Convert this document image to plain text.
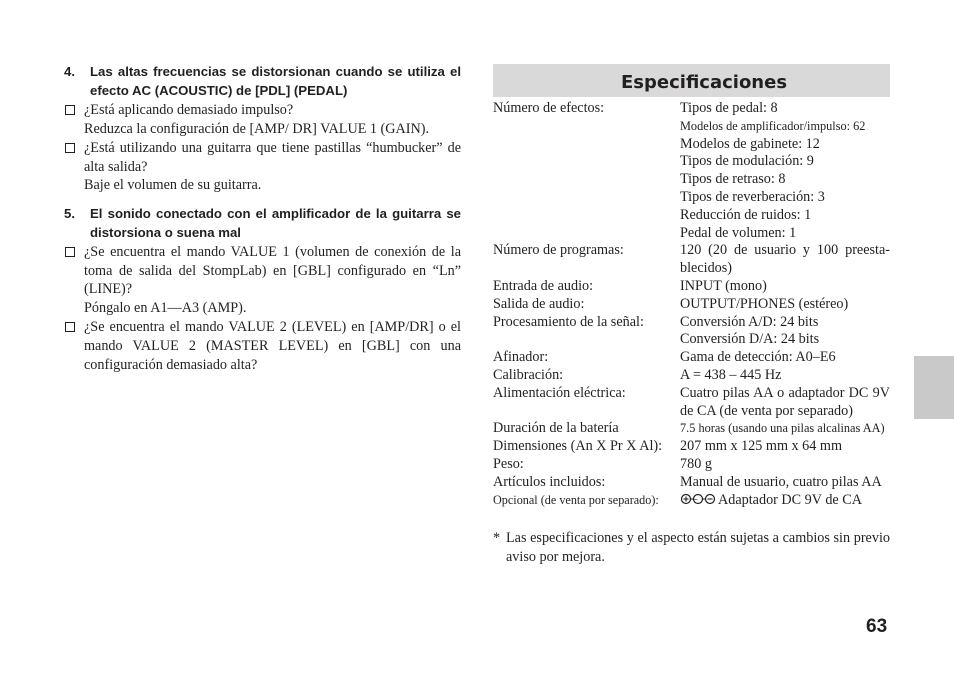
4.	Las altas frecuencias se distorsionan cuando se utiliza el efecto AC (ACOUSTIC) de [PDL] (PEDAL)
¿Está aplicando demasiado impulso?
Reduzca la configuración de [AMP/ DR] VALUE 1 (GAIN).
¿Está utilizando una guitarra que tiene pastillas “humbucker” de alta salida?
Baje el volumen de su guitarra.
5.	El sonido conectado con el amplificador de la guitarra se distorsiona o suena mal
¿Se encuentra el mando VALUE 1 (volumen de conexión de la toma de salida del StompLab) en [GBL] configurado en “Ln” (LINE)?
Póngalo en A1—A3 (AMP).
¿Se encuentra el mando VALUE 2 (LEVEL) en [AMP/DR] o el mando VALUE 2 (MASTER LEVEL) en [GBL] con una configuración demasiado alta?
Especificaciones
Número de efectos:	Tipos de pedal: 8
Modelos de amplificador/impulso: 62
Modelos de gabinete: 12
Tipos de modulación: 9
Tipos de retraso: 8
Tipos de reverberación: 3
Reducción de ruidos: 1
Pedal de volumen: 1
Número de programas:	120 (20 de usuario y 100 preesta- blecidos)
Entrada de audio:	INPUT (mono)
Salida de audio:	OUTPUT/PHONES (estéreo)
Procesamiento de la señal:	Conversión A/D: 24 bits
Conversión D/A: 24 bits
Afinador:	Gama de detección: A0–E6
Calibración:	A = 438 – 445 Hz
Alimentación eléctrica:	Cuatro pilas AA o adaptador DC 9V de CA (de venta por separado)
Duración de la batería	7.5 horas (usando una pilas alcalinas AA)
Dimensiones (An X Pr X Al):	207 mm x 125 mm x 64 mm
Peso:	780 g
Artículos incluidos:	Manual de usuario, cuatro pilas AA
Opcional (de venta por separado):	Adaptador DC 9V de CA
* Las especificaciones y el aspecto están sujetas a cambios sin previo aviso por mejora.
63
